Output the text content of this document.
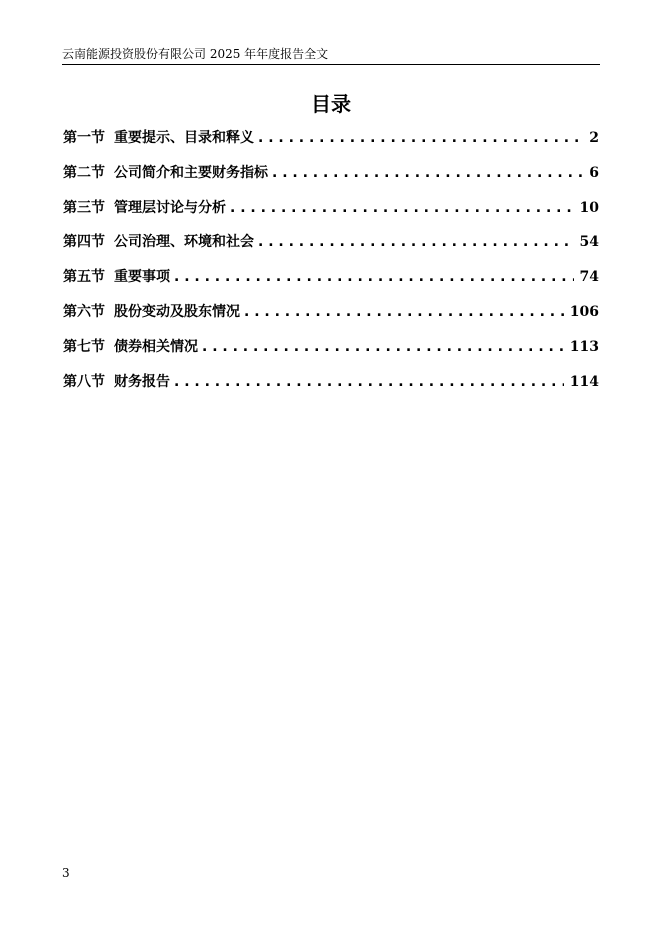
云南能源投资股份有限公司 2025 年年度报告全文
目录
第一节 重要提示、目录和释义 . . .	2
第二节 公司简介和主要财务指标 . . .	6
第三节 管理层讨论与分析 . . .	10
第四节 公司治理、环境和社会 . . .	54
第五节 重要事项 . . .	74
第六节 股份变动及股东情况 . . .	106
第七节 债券相关情况 . . .	113
第八节 财务报告 . . .	114
3
